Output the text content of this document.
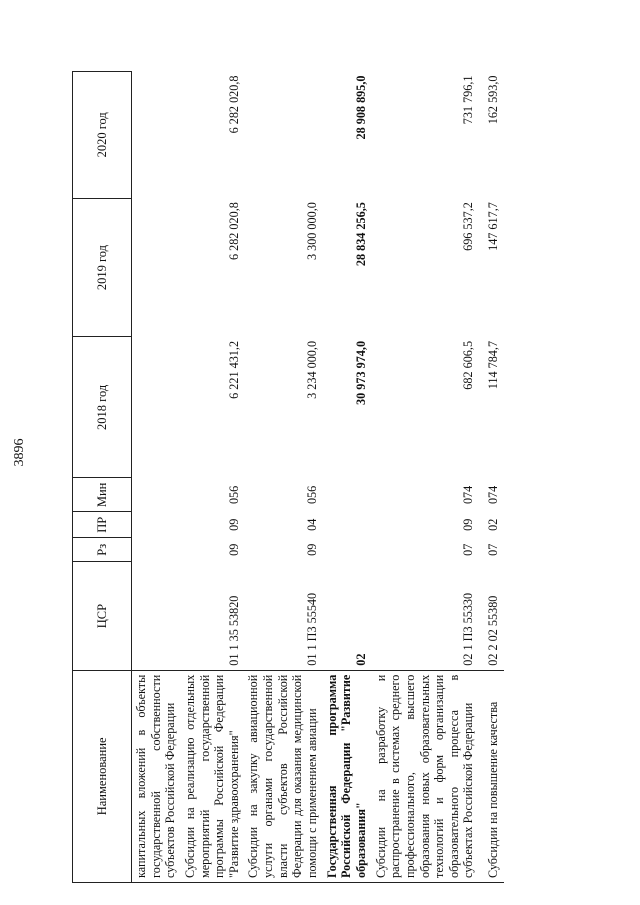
3896
Наименование	ЦСР	Рз	ПР	Мин	2018 год	2019 год	2020 год
капитальных вложений в объекты государственной собственности субъектов Российской Федерации							
Субсидии на реализацию отдельных мероприятий государственной программы Российской Федерации "Развитие здравоохранения"	01 1 35 53820	09	09	056	6 221 431,2	6 282 020,8	6 282 020,8
Субсидии на закупку авиационной услуги органами государственной власти субъектов Российской Федерации для оказания медицинской помощи с применением авиации	01 1 П3 55540	09	04	056	3 234 000,0	3 300 000,0	
Государственная программа Российской Федерации "Развитие образования"	02				30 973 974,0	28 834 256,5	28 908 895,0
Субсидии на разработку и распространение в системах среднего профессионального, высшего образования новых образовательных технологий и форм организации образовательного процесса в субъектах Российской Федерации	02 1 П3 55330	07	09	074	682 606,5	696 537,2	731 796,1
Субсидии на повышение качества	02 2 02 55380	07	02	074	114 784,7	147 617,7	162 593,0
